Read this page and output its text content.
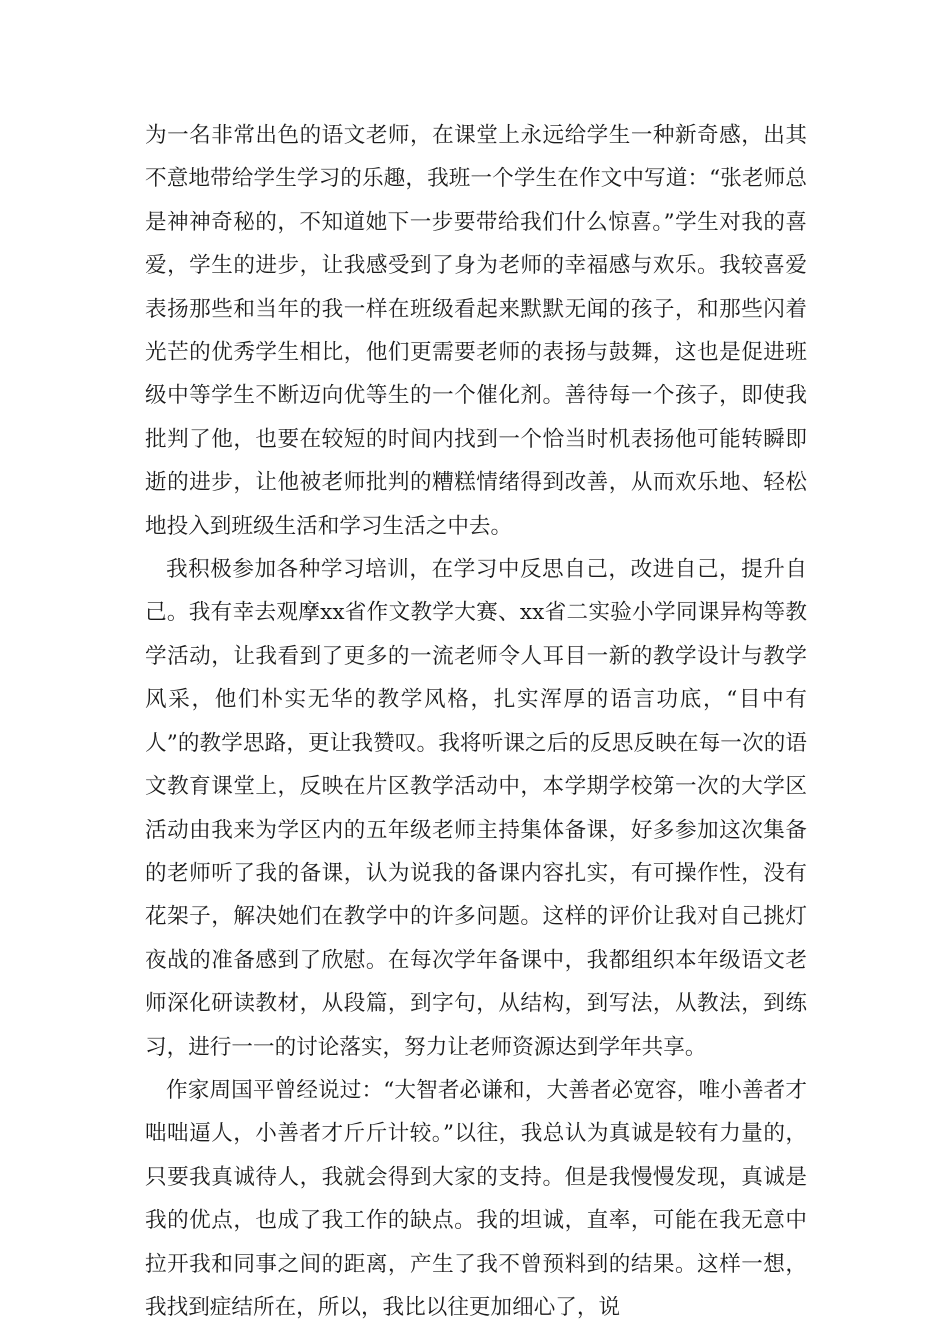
为一名非常出色的语文老师，在课堂上永远给学生一种新奇感，出其不意地带给学生学习的乐趣，我班一个学生在作文中写道：“张老师总是神神奇秘的，不知道她下一步要带给我们什么惊喜。”学生对我的喜爱，学生的进步，让我感受到了身为老师的幸福感与欢乐。我较喜爱表扬那些和当年的我一样在班级看起来默默无闻的孩子，和那些闪着光芒的优秀学生相比，他们更需要老师的表扬与鼓舞，这也是促进班级中等学生不断迈向优等生的一个催化剂。善待每一个孩子，即使我批判了他，也要在较短的时间内找到一个恰当时机表扬他可能转瞬即逝的进步，让他被老师批判的糟糕情绪得到改善，从而欢乐地、轻松地投入到班级生活和学习生活之中去。

我积极参加各种学习培训，在学习中反思自己，改进自己，提升自己。我有幸去观摩xx省作文教学大赛、xx省二实验小学同课异构等教学活动，让我看到了更多的一流老师令人耳目一新的教学设计与教学风采，他们朴实无华的教学风格，扎实浑厚的语言功底，“目中有人”的教学思路，更让我赞叹。我将听课之后的反思反映在每一次的语文教育课堂上，反映在片区教学活动中，本学期学校第一次的大学区活动由我来为学区内的五年级老师主持集体备课，好多参加这次集备的老师听了我的备课，认为说我的备课内容扎实，有可操作性，没有花架子，解决她们在教学中的许多问题。这样的评价让我对自己挑灯夜战的准备感到了欣慰。在每次学年备课中，我都组织本年级语文老师深化研读教材，从段篇，到字句，从结构，到写法，从教法，到练习，进行一一的讨论落实，努力让老师资源达到学年共享。

作家周国平曾经说过：“大智者必谦和，大善者必宽容，唯小善者才咄咄逼人，小善者才斤斤计较。”以往，我总认为真诚是较有力量的，只要我真诚待人，我就会得到大家的支持。但是我慢慢发现，真诚是我的优点，也成了我工作的缺点。我的坦诚，直率，可能在我无意中拉开我和同事之间的距离，产生了我不曾预料到的结果。这样一想，我找到症结所在，所以，我比以往更加细心了，说
